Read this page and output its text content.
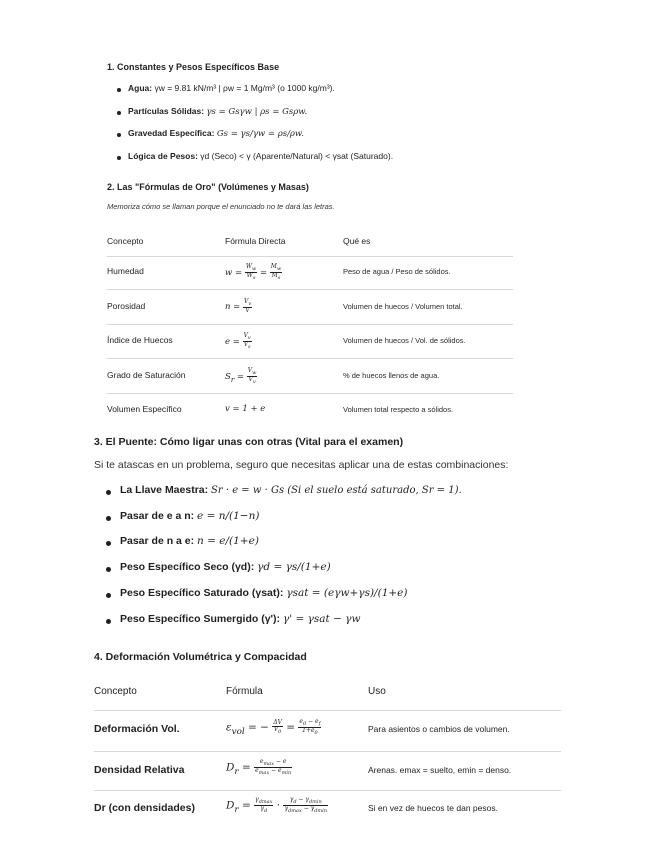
1. Constantes y Pesos Específicos Base
Agua: γw = 9.81 kN/m³ | ρw = 1 Mg/m³ (o 1000 kg/m³).
Partículas Sólidas: γs = Gsγw | ρs = Gsρw.
Gravedad Específica: Gs = γs/γw = ρs/ρw.
Lógica de Pesos: γd (Seco) < γ (Aparente/Natural) < γsat (Saturado).
2. Las "Fórmulas de Oro" (Volúmenes y Masas)
Memoriza cómo se llaman porque el enunciado no te dará las letras.
Concepto	Fórmula Directa	Qué es
Humedad	$w = \frac{W_w}{W_s} = \frac{M_w}{M_s}$	Peso de agua / Peso de sólidos.
Porosidad	$n = \frac{V_v}{V}$	Volumen de huecos / Volumen total.
Índice de Huecos	$e = \frac{V_v}{V_s}$	Volumen de huecos / Vol. de sólidos.
Grado de Saturación	$S_r = \frac{V_w}{V_v}$	% de huecos llenos de agua.
Volumen Específico	v = 1 + e	Volumen total respecto a sólidos.
3. El Puente: Cómo ligar unas con otras (Vital para el examen)
Si te atascas en un problema, seguro que necesitas aplicar una de estas combinaciones:
La Llave Maestra: Sr · e = w · Gs (Si el suelo está saturado, Sr = 1).
Pasar de e a n: e = n/(1−n)
Pasar de n a e: n = e/(1+e)
Peso Específico Seco (γd): γd = γs/(1+e)
Peso Específico Saturado (γsat): γsat = (eγw+γs)/(1+e)
Peso Específico Sumergido (γ'): γ' = γsat − γw
4. Deformación Volumétrica y Compacidad
Concepto	Fórmula	Uso
Deformación Vol.	$\varepsilon_{vol}$ = − $\frac{\Delta V}{V_0} = \frac{e_0 - e_f}{1+e_0}$	Para asientos o cambios de volumen.
Densidad Relativa	$D_r = \frac{e_{max} - e}{e_{max} - e_{min}}$	Arenas. emax = suelto, emin = denso.
Dr (con densidades)	$D_r = \frac{\gamma_{dmax}}{\gamma_d} \cdot \frac{\gamma_d - \gamma_{dmin}}{\gamma_{dmax} - \gamma_{dmin}}$	Si en vez de huecos te dan pesos.
